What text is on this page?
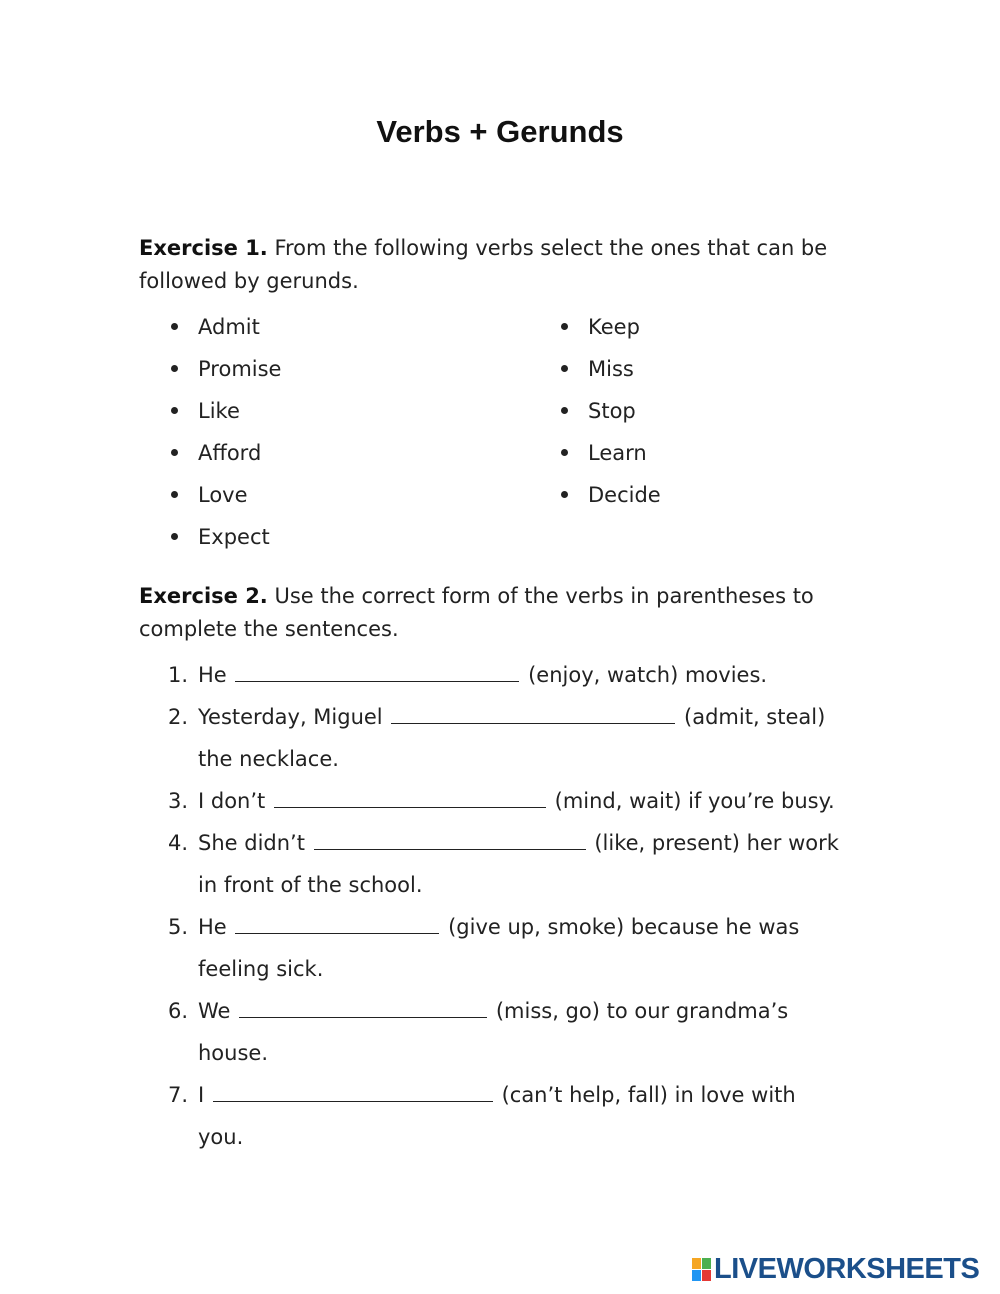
Verbs + Gerunds
Exercise 1. From the following verbs select the ones that can be followed by gerunds.
Admit
Promise
Like
Afford
Love
Expect
Keep
Miss
Stop
Learn
Decide
Exercise 2. Use the correct form of the verbs in parentheses to complete the sentences.
1. He	(enjoy, watch) movies.
2. Yesterday, Miguel	(admit, steal)
the necklace.
3. I don’t	(mind, wait) if you’re busy.
4. She didn’t	(like, present) her work
in front of the school.
5. He	(give up, smoke) because he was
feeling sick.
6. We	(miss, go) to our grandma’s
house.
7. I	(can’t help, fall) in love with
you.
LIVEWORKSHEETS
